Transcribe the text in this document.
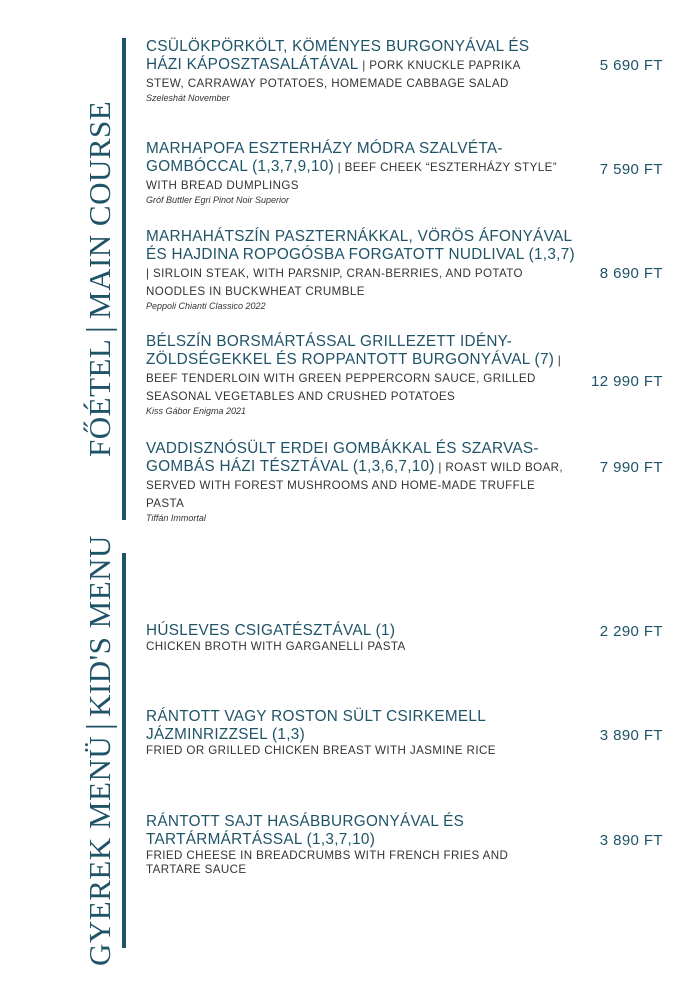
FŐÉTEL
|
MAIN COURSE
CSÜLÖKPÖRKÖLT, KÖMÉNYES BURGONYÁVAL ÉS HÁZI KÁPOSZTASALÁTÁVAL | PORK KNUCKLE PAPRIKA STEW, CARRAWAY POTATOES, HOMEMADE CABBAGE SALAD
Szeleshát November
5 690 FT
MARHAPOFA ESZTERHÁZY MÓDRA SZALVÉTA-GOMBÓCCAL (1,3,7,9,10) | BEEF CHEEK “ESZTERHÁZY STYLE” WITH BREAD DUMPLINGS
Gróf Buttler Egri Pinot Noir Superior
7 590 FT
MARHAHÁTSZÍN PASZTERNÁKKAL, VÖRÖS ÁFONYÁVAL ÉS HAJDINA ROPOGÓSBA FORGATOTT NUDLIVAL (1,3,7) | SIRLOIN STEAK, WITH PARSNIP, CRAN-BERRIES, AND POTATO NOODLES IN BUCKWHEAT CRUMBLE
Peppoli Chianti Classico 2022
8 690 FT
BÉLSZÍN BORSMÁRTÁSSAL GRILLEZETT IDÉNY-ZÖLDSÉGEKKEL ÉS ROPPANTOTT BURGONYÁVAL (7) | BEEF TENDERLOIN WITH GREEN PEPPERCORN SAUCE, GRILLED SEASONAL VEGETABLES AND CRUSHED POTATOES
Kiss Gábor Enigma 2021
12 990 FT
VADDISZNÓSÜLT ERDEI GOMBÁKKAL ÉS SZARVAS-GOMBÁS HÁZI TÉSZTÁVAL (1,3,6,7,10) | ROAST WILD BOAR, SERVED WITH FOREST MUSHROOMS AND HOME-MADE TRUFFLE PASTA
Tiffán Immortal
7 990 FT
GYEREK MENÜ
|
KID'S MENU HÚSLEVES CSIGATÉSZTÁVAL (1)
CHICKEN BROTH WITH GARGANELLI PASTA
2 290 FT
RÁNTOTT VAGY ROSTON SÜLT CSIRKEMELL JÁZMINRIZZSEL (1,3)
FRIED OR GRILLED CHICKEN BREAST WITH JASMINE RICE
3 890 FT
RÁNTOTT SAJT HASÁBBURGONYÁVAL ÉS TARTÁRMÁRTÁSSAL (1,3,7,10)
FRIED CHEESE IN BREADCRUMBS WITH FRENCH FRIES AND TARTARE SAUCE
3 890 FT
